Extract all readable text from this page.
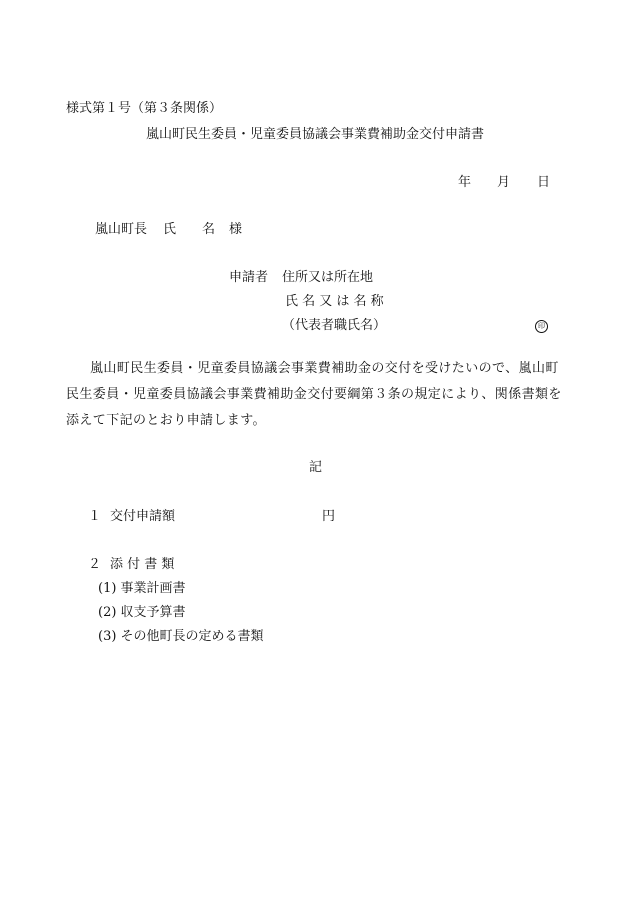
様式第１号（第３条関係）
嵐山町民生委員・児童委員協議会事業費補助金交付申請書
年 月 日
嵐山町長 氏　　名 様
申請者 住所又は所在地
氏 名 又 は 名 称
（代表者職氏名）	印
嵐山町民生委員・児童委員協議会事業費補助金の交付を受けたいので、嵐山町民生委員・児童委員協議会事業費補助金交付要綱第３条の規定により、関係書類を添えて下記のとおり申請します。
記
１ 交付申請額	円
２ 添 付 書 類
(1) 事業計画書
(2) 収支予算書
(3) その他町長の定める書類
